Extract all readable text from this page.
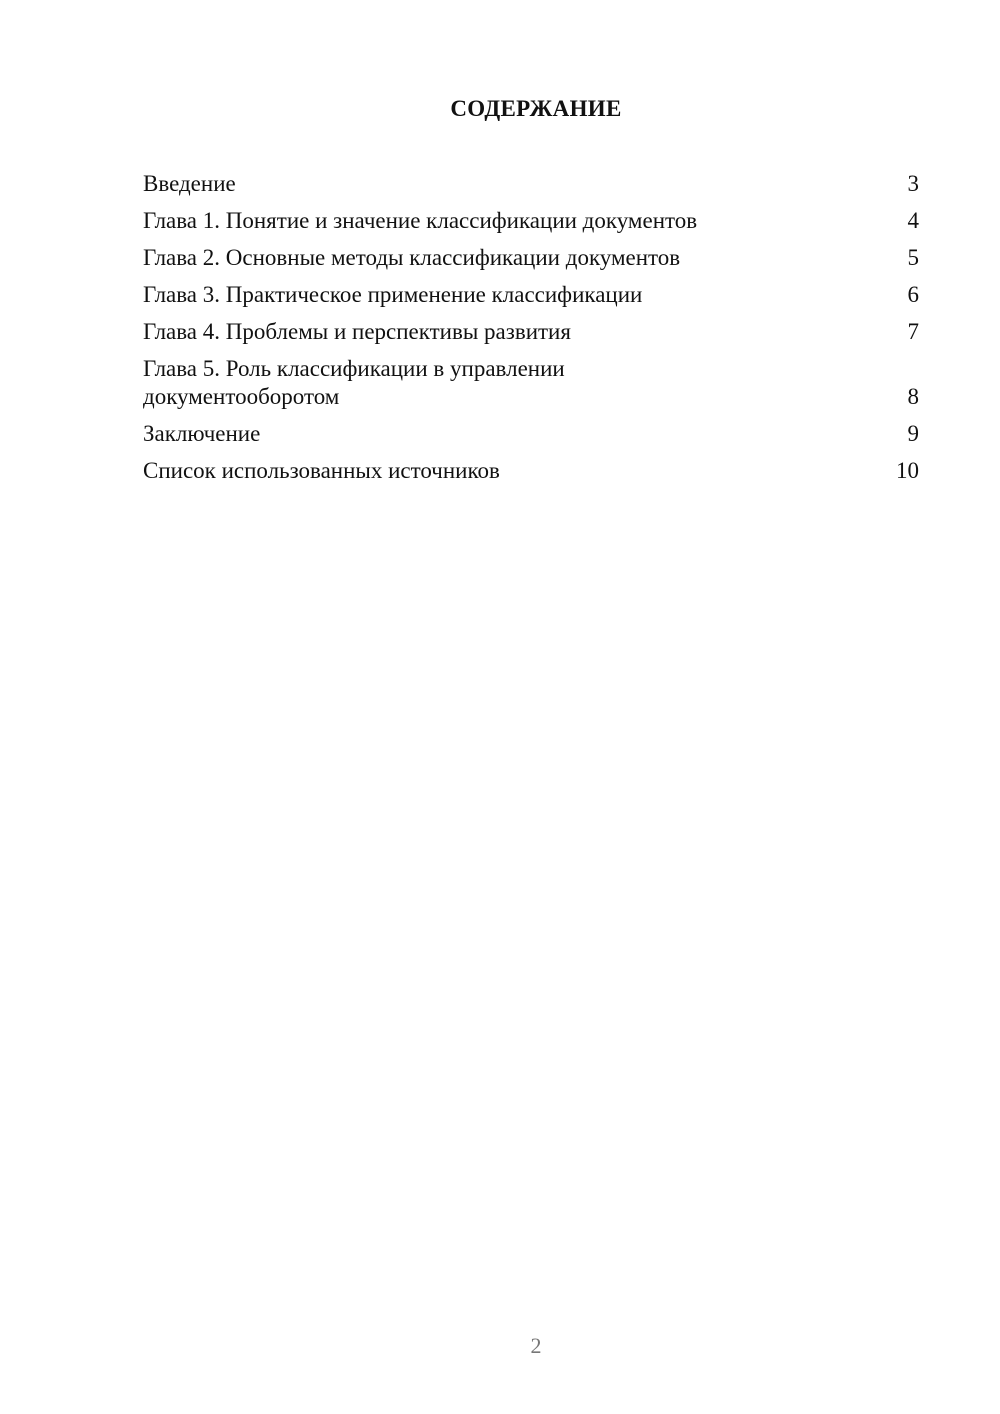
СОДЕРЖАНИЕ
Введение	3
Глава 1. Понятие и значение классификации документов	4
Глава 2. Основные методы классификации документов	5
Глава 3. Практическое применение классификации	6
Глава 4. Проблемы и перспективы развития	7
Глава 5. Роль классификации в управлении документооборотом	8
Заключение	9
Список использованных источников	10
2
